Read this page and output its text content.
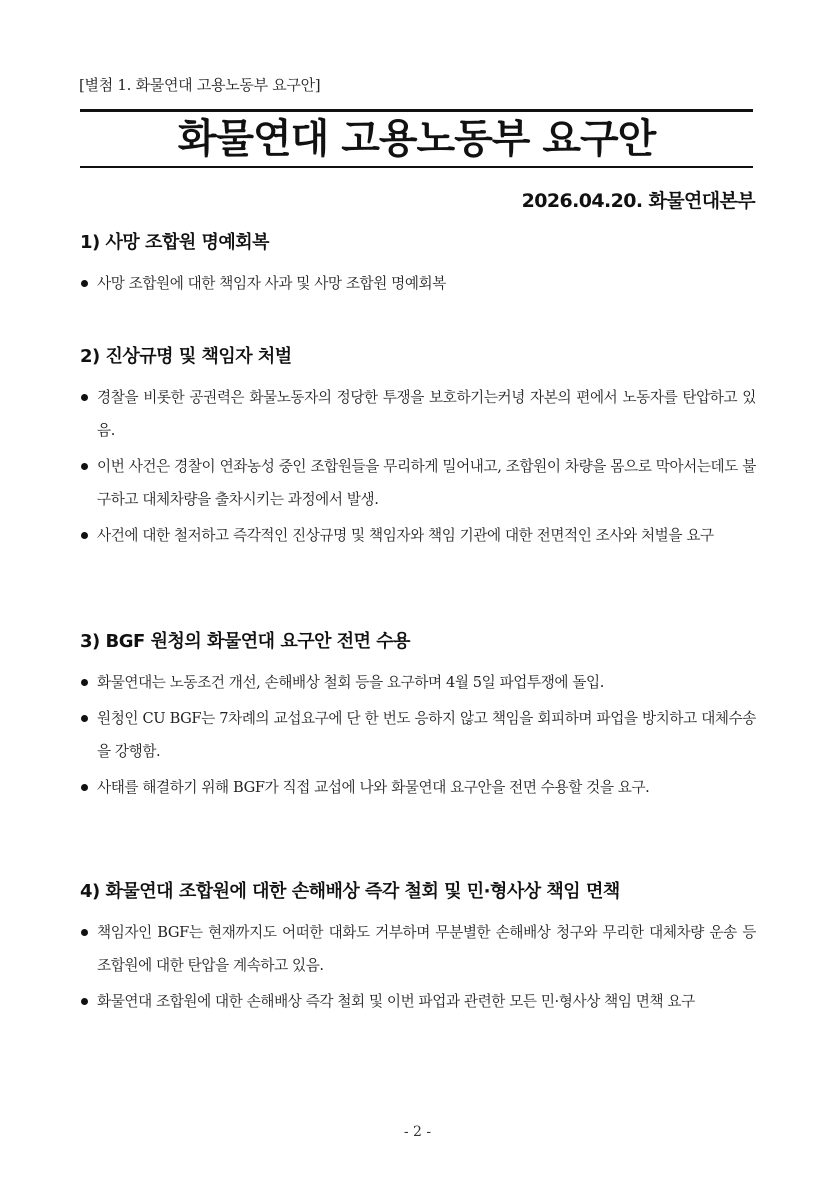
[별첨 1. 화물연대 고용노동부 요구안]
화물연대 고용노동부 요구안
2026.04.20. 화물연대본부
1) 사망 조합원 명예회복
사망 조합원에 대한 책임자 사과 및 사망 조합원 명예회복
2) 진상규명 및 책임자 처벌
경찰을 비롯한 공권력은 화물노동자의 정당한 투쟁을 보호하기는커녕 자본의 편에서 노동자를 탄압하고 있음.
이번 사건은 경찰이 연좌농성 중인 조합원들을 무리하게 밀어내고, 조합원이 차량을 몸으로 막아서는데도 불구하고 대체차량을 출차시키는 과정에서 발생.
사건에 대한 철저하고 즉각적인 진상규명 및 책임자와 책임 기관에 대한 전면적인 조사와 처벌을 요구
3) BGF 원청의 화물연대 요구안 전면 수용
화물연대는 노동조건 개선, 손해배상 철회 등을 요구하며 4월 5일 파업투쟁에 돌입.
원청인 CU BGF는 7차례의 교섭요구에 단 한 번도 응하지 않고 책임을 회피하며 파업을 방치하고 대체수송을 강행함.
사태를 해결하기 위해 BGF가 직접 교섭에 나와 화물연대 요구안을 전면 수용할 것을 요구.
4) 화물연대 조합원에 대한 손해배상 즉각 철회 및 민·형사상 책임 면책
책임자인 BGF는 현재까지도 어떠한 대화도 거부하며 무분별한 손해배상 청구와 무리한 대체차량 운송 등 조합원에 대한 탄압을 계속하고 있음.
화물연대 조합원에 대한 손해배상 즉각 철회 및 이번 파업과 관련한 모든 민·형사상 책임 면책 요구
- 2 -
